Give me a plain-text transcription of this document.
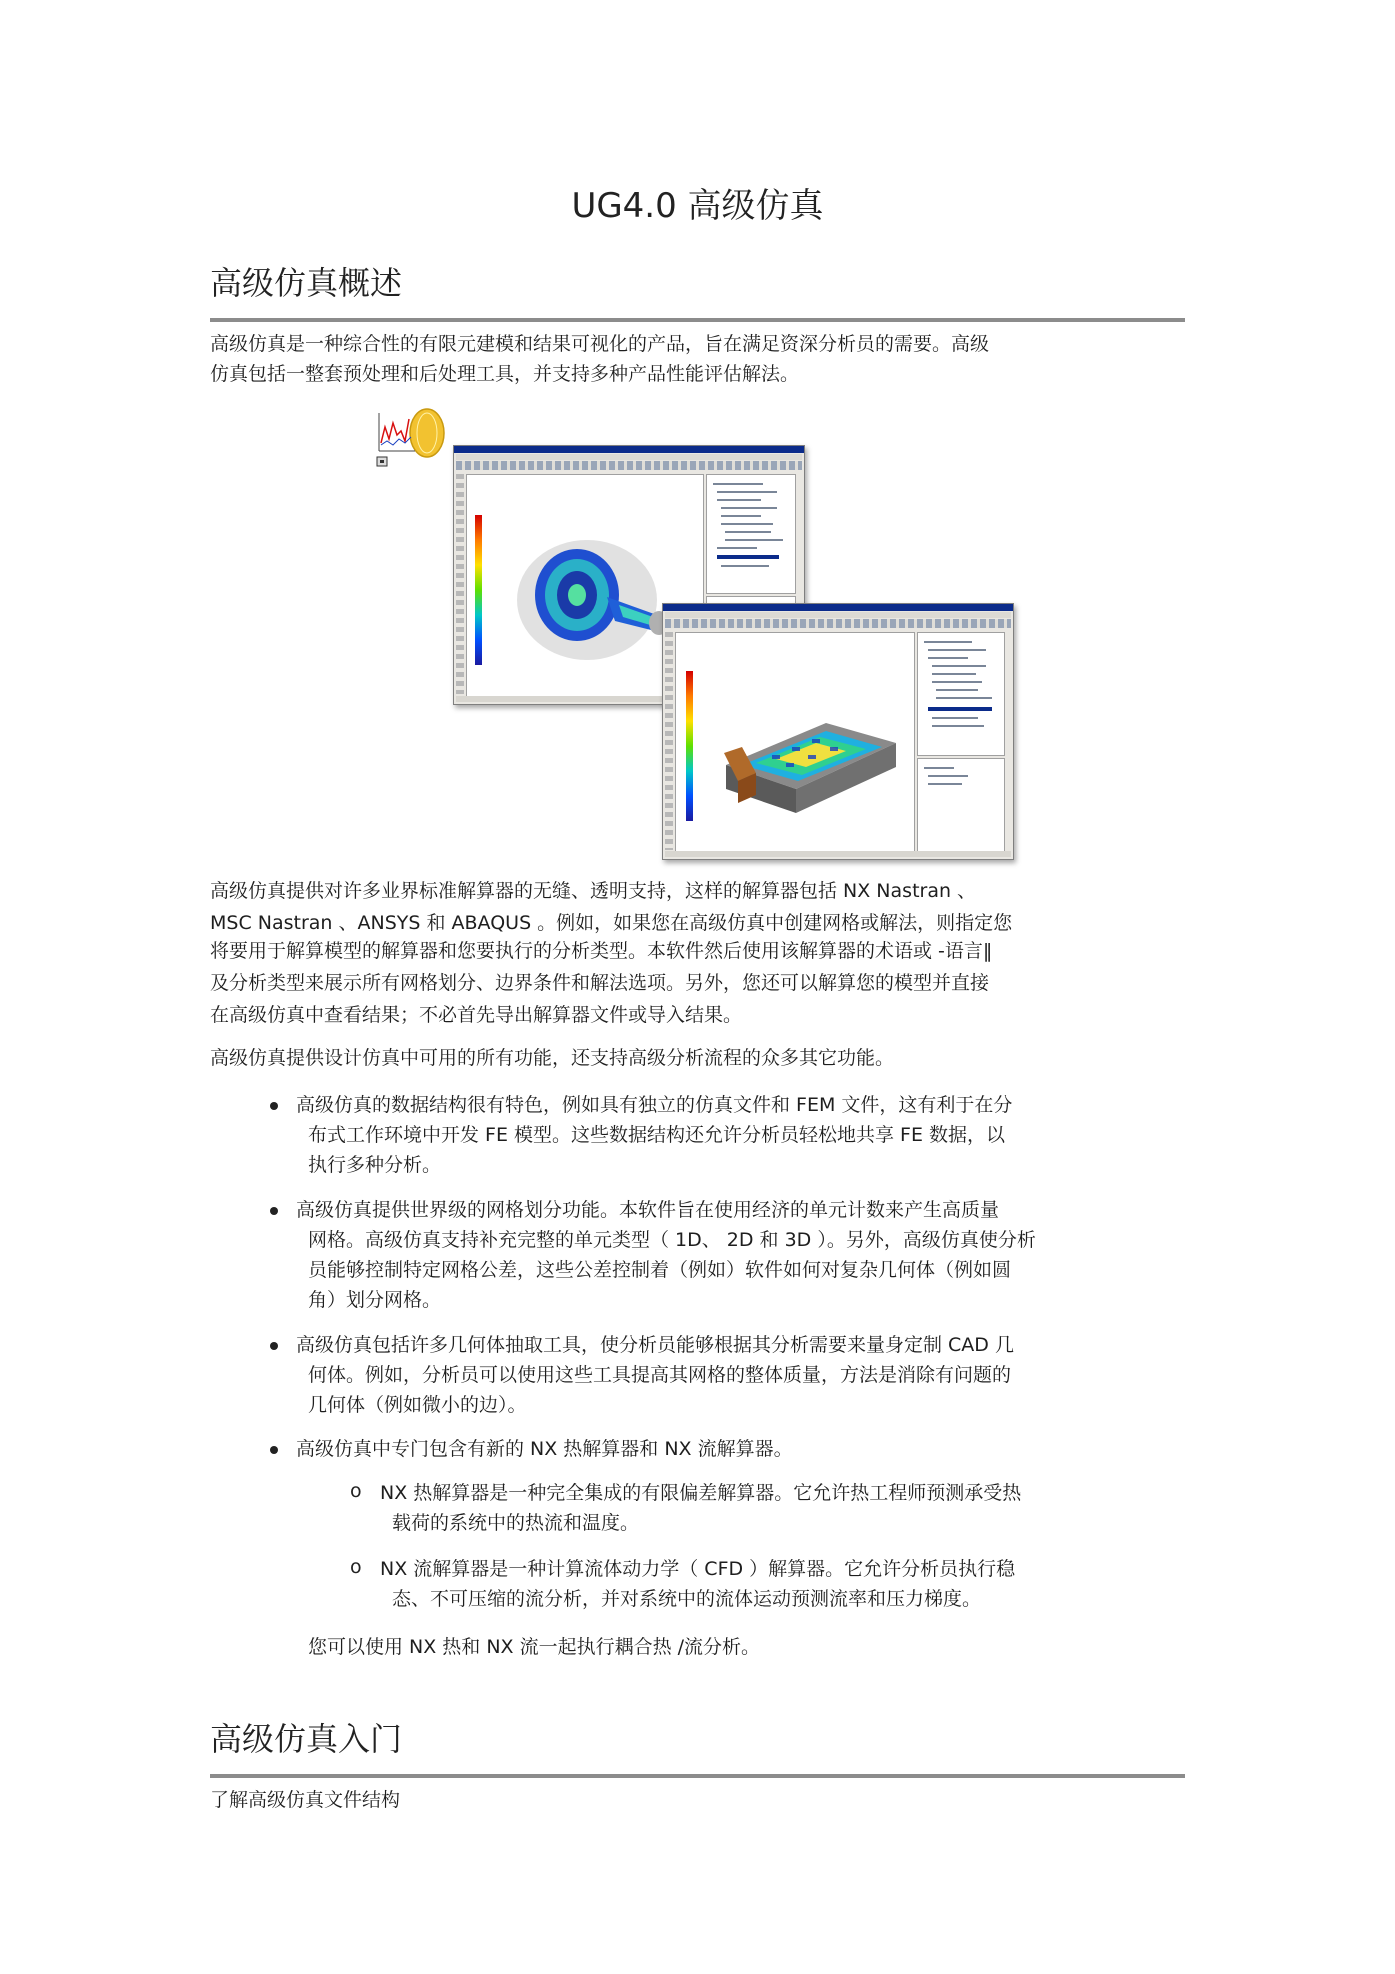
UG4.0 高级仿真
高级仿真概述
高级仿真是一种综合性的有限元建模和结果可视化的产品，旨在满足资深分析员的需要。高级
仿真包括一整套预处理和后处理工具，并支持多种产品性能评估解法。
高级仿真提供对许多业界标准解算器的无缝、透明支持，这样的解算器包括 NX Nastran 、
MSC Nastran 、ANSYS 和 ABAQUS 。例如，如果您在高级仿真中创建网格或解法，则指定您
将要用于解算模型的解算器和您要执行的分析类型。本软件然后使用该解算器的术语或 -语言‖
及分析类型来展示所有网格划分、边界条件和解法选项。另外，您还可以解算您的模型并直接
在高级仿真中查看结果；不必首先导出解算器文件或导入结果。
高级仿真提供设计仿真中可用的所有功能，还支持高级分析流程的众多其它功能。
高级仿真的数据结构很有特色，例如具有独立的仿真文件和 FEM 文件，这有利于在分
布式工作环境中开发 FE 模型。这些数据结构还允许分析员轻松地共享 FE 数据，以
执行多种分析。
高级仿真提供世界级的网格划分功能。本软件旨在使用经济的单元计数来产生高质量
网格。高级仿真支持补充完整的单元类型（ 1D、 2D 和 3D ）。另外，高级仿真使分析
员能够控制特定网格公差，这些公差控制着（例如）软件如何对复杂几何体（例如圆
角）划分网格。
高级仿真包括许多几何体抽取工具，使分析员能够根据其分析需要来量身定制 CAD 几
何体。例如，分析员可以使用这些工具提高其网格的整体质量，方法是消除有问题的
几何体（例如微小的边）。
高级仿真中专门包含有新的 NX 热解算器和 NX 流解算器。
o NX 热解算器是一种完全集成的有限偏差解算器。它允许热工程师预测承受热
载荷的系统中的热流和温度。
o NX 流解算器是一种计算流体动力学（ CFD ）解算器。它允许分析员执行稳
态、不可压缩的流分析，并对系统中的流体运动预测流率和压力梯度。
您可以使用 NX 热和 NX 流一起执行耦合热 /流分析。
高级仿真入门
了解高级仿真文件结构
